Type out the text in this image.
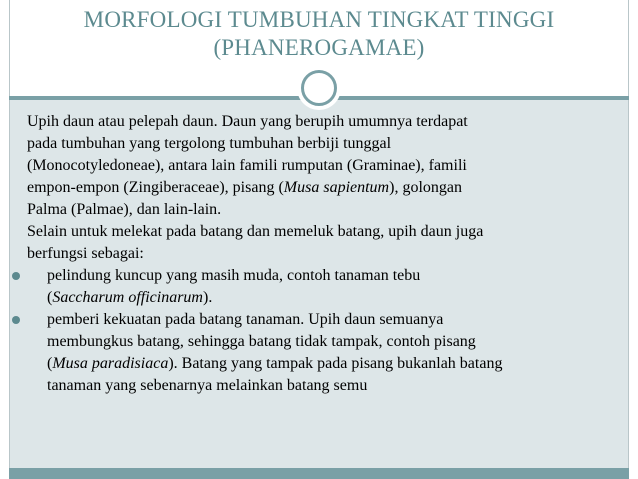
MORFOLOGI TUMBUHAN TINGKAT TINGGI
(PHANEROGAMAE)

Upih daun atau pelepah daun. Daun yang berupih umumnya terdapat
pada tumbuhan yang tergolong tumbuhan berbiji tunggal
(Monocotyledoneae), antara lain famili rumputan (Graminae), famili
empon-empon (Zingiberaceae), pisang (Musa sapientum), golongan
Palma (Palmae), dan lain-lain.

Selain untuk melekat pada batang dan memeluk batang, upih daun juga
berfungsi sebagai:

pelindung kuncup yang masih muda, contoh tanaman tebu
(Saccharum officinarum).
pemberi kekuatan pada batang tanaman. Upih daun semuanya
membungkus batang, sehingga batang tidak tampak, contoh pisang
(Musa paradisiaca). Batang yang tampak pada pisang bukanlah batang
tanaman yang sebenarnya melainkan batang semu
